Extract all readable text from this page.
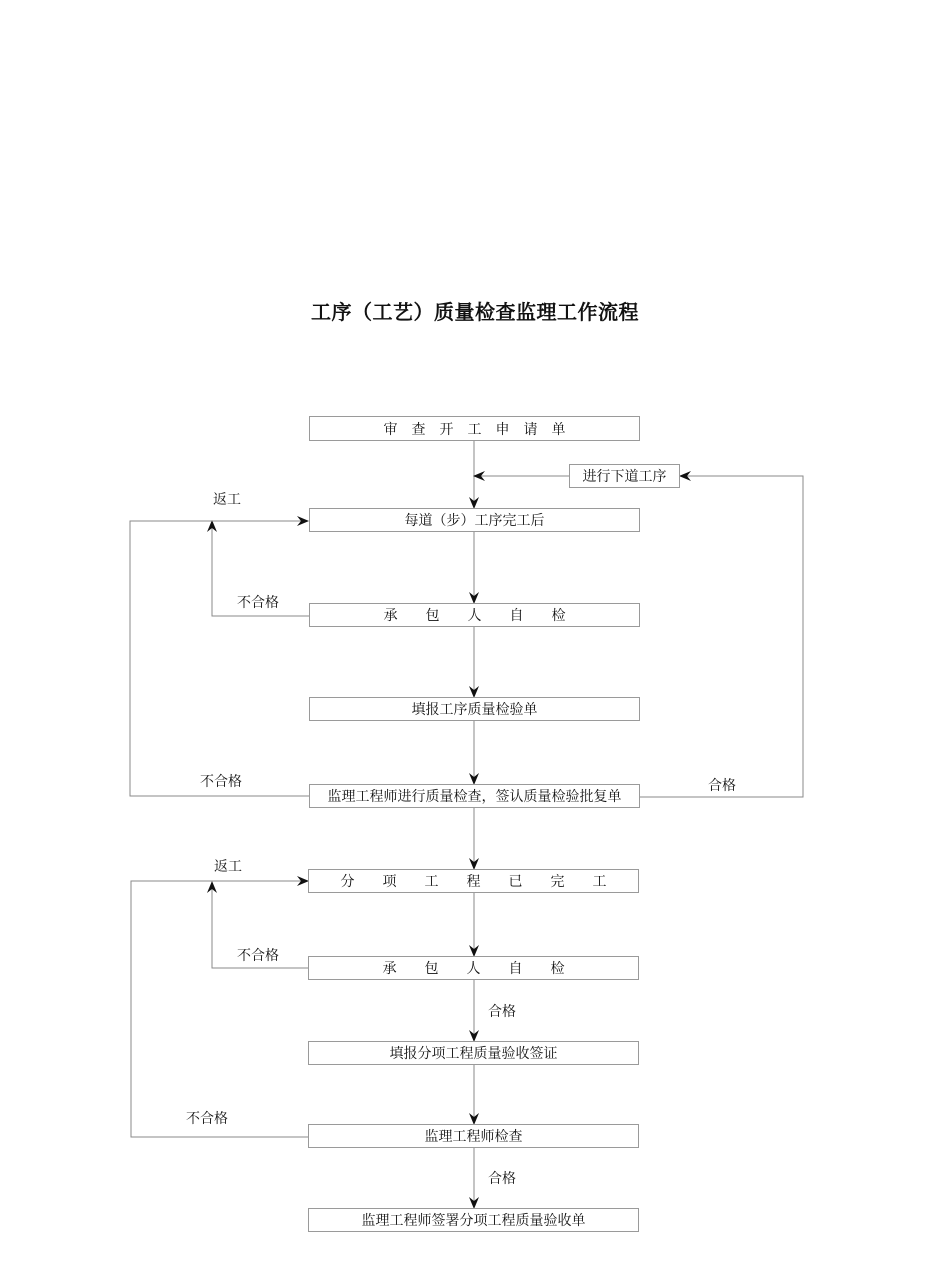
工序（工艺）质量检查监理工作流程
审　查　开　工　申　请　单
进行下道工序
每道（步）工序完工后
承　　包　　人　　自　　检
填报工序质量检验单
监理工程师进行质量检查，签认质量检验批复单
分　　项　　工　　程　　已　　完　　工
承　　包　　人　　自　　检
填报分项工程质量验收签证
监理工程师检查
监理工程师签署分项工程质量验收单
返工
不合格
不合格	合格
返工
不合格
合格
不合格
合格
